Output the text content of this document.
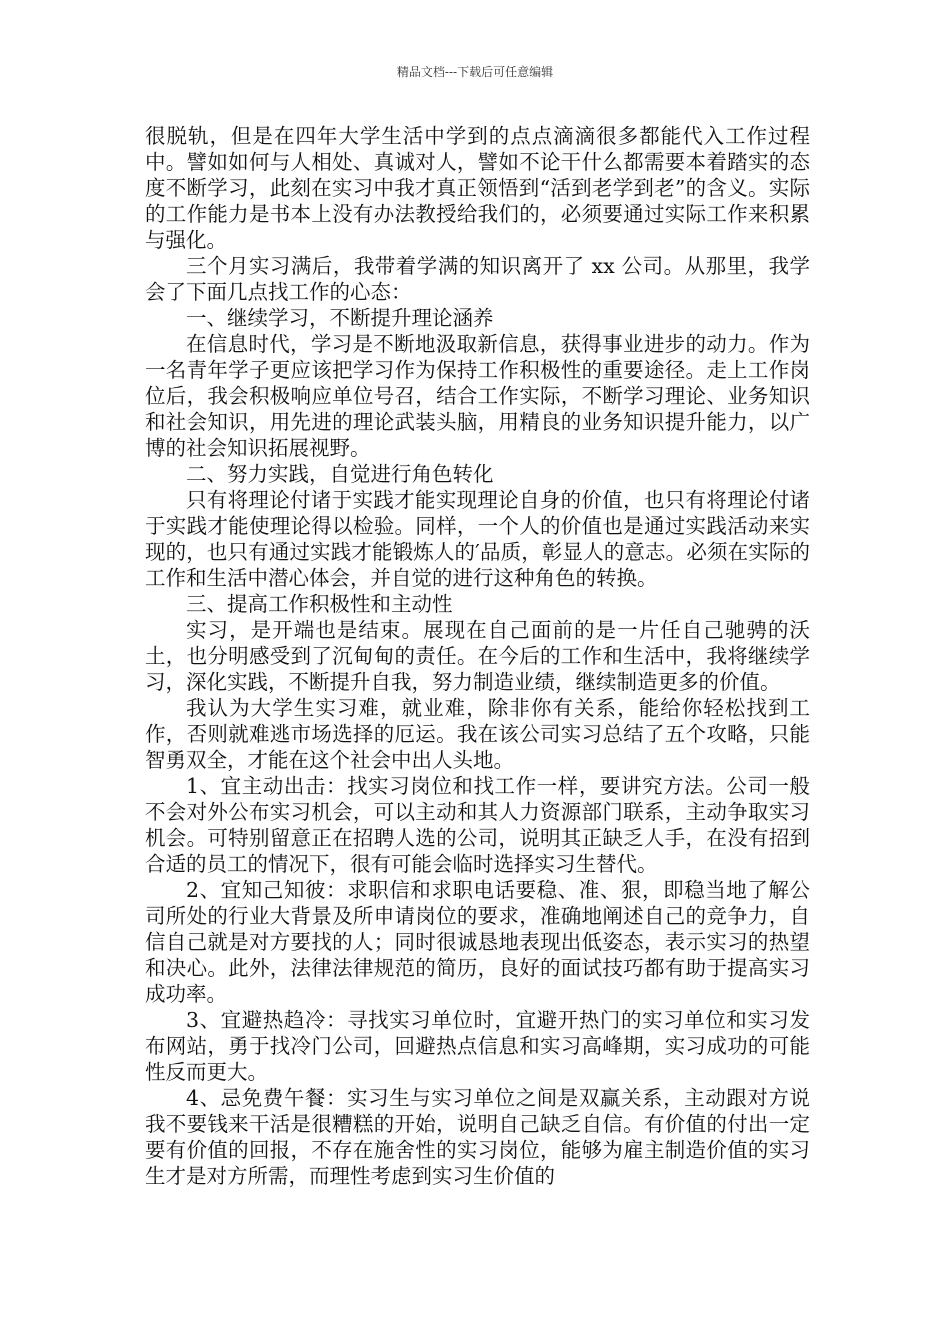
精品文档---下载后可任意编辑

很脱轨，但是在四年大学生活中学到的点点滴滴很多都能代入工作过程中。譬如如何与人相处、真诚对人，譬如不论干什么都需要本着踏实的态度不断学习，此刻在实习中我才真正领悟到“活到老学到老”的含义。实际的工作能力是书本上没有办法教授给我们的，必须要通过实际工作来积累与强化。

三个月实习满后，我带着学满的知识离开了 xx 公司。从那里，我学会了下面几点找工作的心态：

一、继续学习，不断提升理论涵养

在信息时代，学习是不断地汲取新信息，获得事业进步的动力。作为一名青年学子更应该把学习作为保持工作积极性的重要途径。走上工作岗位后，我会积极响应单位号召，结合工作实际，不断学习理论、业务知识和社会知识，用先进的理论武装头脑，用精良的业务知识提升能力，以广博的社会知识拓展视野。

二、努力实践，自觉进行角色转化

只有将理论付诸于实践才能实现理论自身的价值，也只有将理论付诸于实践才能使理论得以检验。同样，一个人的价值也是通过实践活动来实现的，也只有通过实践才能锻炼人的′品质，彰显人的意志。必须在实际的工作和生活中潜心体会，并自觉的进行这种角色的转换。

三、提高工作积极性和主动性

实习，是开端也是结束。展现在自己面前的是一片任自己驰骋的沃土，也分明感受到了沉甸甸的责任。在今后的工作和生活中，我将继续学习，深化实践，不断提升自我，努力制造业绩，继续制造更多的价值。

我认为大学生实习难，就业难，除非你有关系，能给你轻松找到工作，否则就难逃市场选择的厄运。我在该公司实习总结了五个攻略，只能智勇双全，才能在这个社会中出人头地。

1、宜主动出击：找实习岗位和找工作一样，要讲究方法。公司一般不会对外公布实习机会，可以主动和其人力资源部门联系，主动争取实习机会。可特别留意正在招聘人选的公司，说明其正缺乏人手，在没有招到合适的员工的情况下，很有可能会临时选择实习生替代。

2、宜知己知彼：求职信和求职电话要稳、准、狠，即稳当地了解公司所处的行业大背景及所申请岗位的要求，准确地阐述自己的竞争力，自信自己就是对方要找的人；同时很诚恳地表现出低姿态，表示实习的热望和决心。此外，法律法律规范的简历，良好的面试技巧都有助于提高实习成功率。

3、宜避热趋冷：寻找实习单位时，宜避开热门的实习单位和实习发布网站，勇于找冷门公司，回避热点信息和实习高峰期，实习成功的可能性反而更大。

4、忌免费午餐：实习生与实习单位之间是双赢关系，主动跟对方说我不要钱来干活是很糟糕的开始，说明自己缺乏自信。有价值的付出一定要有价值的回报，不存在施舍性的实习岗位，能够为雇主制造价值的实习生才是对方所需，而理性考虑到实习生价值的
